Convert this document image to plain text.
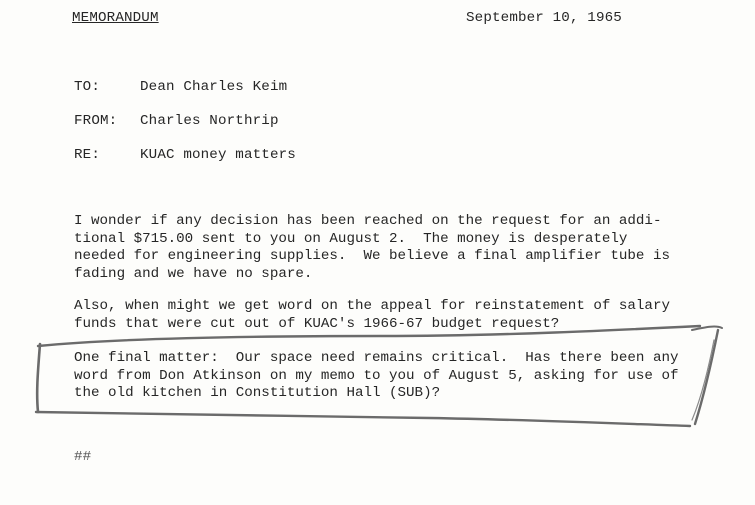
MEMORANDUM	September 10, 1965
TO:	Dean Charles Keim
FROM: Charles Northrip
RE:	KUAC money matters
I wonder if any decision has been reached on the request for an addi-
tional $715.00 sent to you on August 2.  The money is desperately
needed for engineering supplies.  We believe a final amplifier tube is
fading and we have no spare.
Also, when might we get word on the appeal for reinstatement of salary
funds that were cut out of KUAC's 1966-67 budget request?
One final matter:  Our space need remains critical.  Has there been any
word from Don Atkinson on my memo to you of August 5, asking for use of
the old kitchen in Constitution Hall (SUB)?
##
